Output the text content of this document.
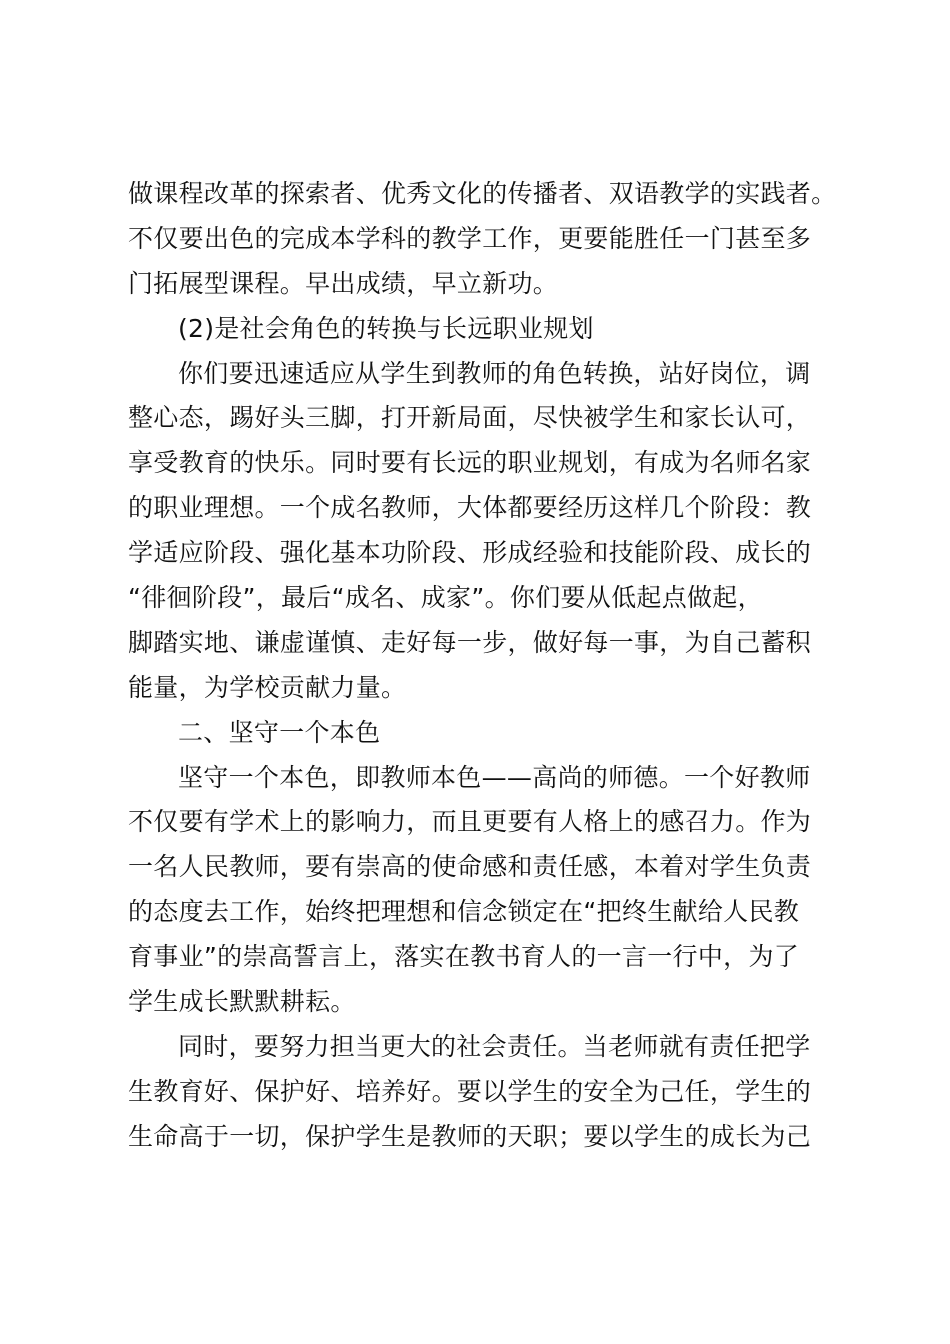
做课程改革的探索者、优秀文化的传播者、双语教学的实践者。
不仅要出色的完成本学科的教学工作，更要能胜任一门甚至多
门拓展型课程。早出成绩，早立新功。
(2)是社会角色的转换与长远职业规划
你们要迅速适应从学生到教师的角色转换，站好岗位，调
整心态，踢好头三脚，打开新局面，尽快被学生和家长认可，
享受教育的快乐。同时要有长远的职业规划，有成为名师名家
的职业理想。一个成名教师，大体都要经历这样几个阶段：教
学适应阶段、强化基本功阶段、形成经验和技能阶段、成长的
“徘徊阶段”，最后“成名、成家”。你们要从低起点做起，
脚踏实地、谦虚谨慎、走好每一步，做好每一事，为自己蓄积
能量，为学校贡献力量。
二、坚守一个本色
坚守一个本色，即教师本色——高尚的师德。一个好教师
不仅要有学术上的影响力，而且更要有人格上的感召力。作为
一名人民教师，要有崇高的使命感和责任感，本着对学生负责
的态度去工作，始终把理想和信念锁定在“把终生献给人民教
育事业”的崇高誓言上，落实在教书育人的一言一行中，为了
学生成长默默耕耘。
同时，要努力担当更大的社会责任。当老师就有责任把学
生教育好、保护好、培养好。要以学生的安全为己任，学生的
生命高于一切，保护学生是教师的天职；要以学生的成长为己
